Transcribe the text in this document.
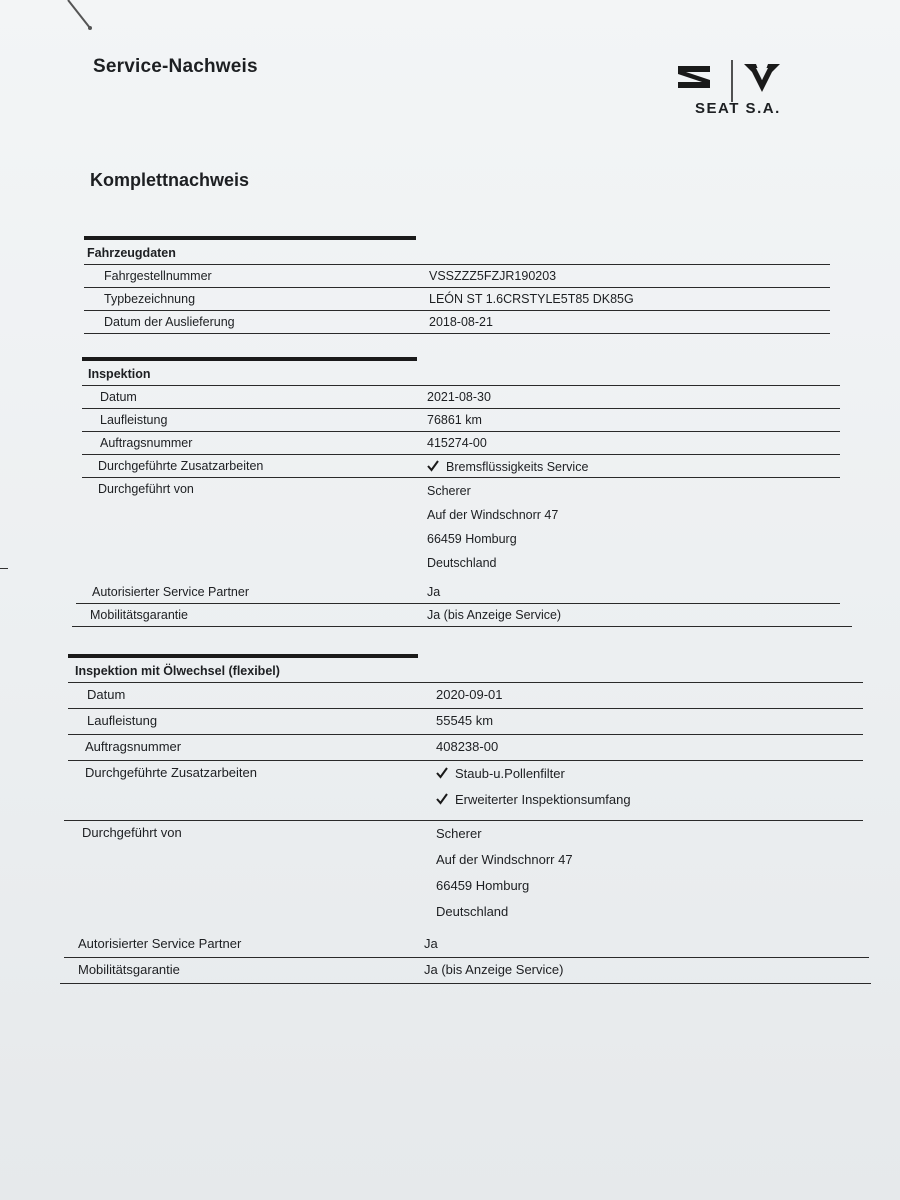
Service-Nachweis
SEAT S.A.
Komplettnachweis
Fahrzeugdaten
Fahrgestellnummer	VSSZZZ5FZJR190203
Typbezeichnung	LEÓN ST 1.6CRSTYLE5T85 DK85G
Datum der Auslieferung	2018-08-21
Inspektion
Datum	2021-08-30
Laufleistung	76861 km
Auftragsnummer	415274-00
Durchgeführte Zusatzarbeiten	Bremsflüssigkeits Service
Durchgeführt von	Scherer
Auf der Windschnorr 47
66459 Homburg
Deutschland
Autorisierter Service Partner	Ja
Mobilitätsgarantie	Ja (bis Anzeige Service)
Inspektion mit Ölwechsel (flexibel)
Datum	2020-09-01
Laufleistung	55545 km
Auftragsnummer	408238-00
Durchgeführte Zusatzarbeiten	Staub-u.Pollenfilter
Erweiterter Inspektionsumfang
Durchgeführt von	Scherer
Auf der Windschnorr 47
66459 Homburg
Deutschland
Autorisierter Service Partner	Ja
Mobilitätsgarantie	Ja (bis Anzeige Service)
